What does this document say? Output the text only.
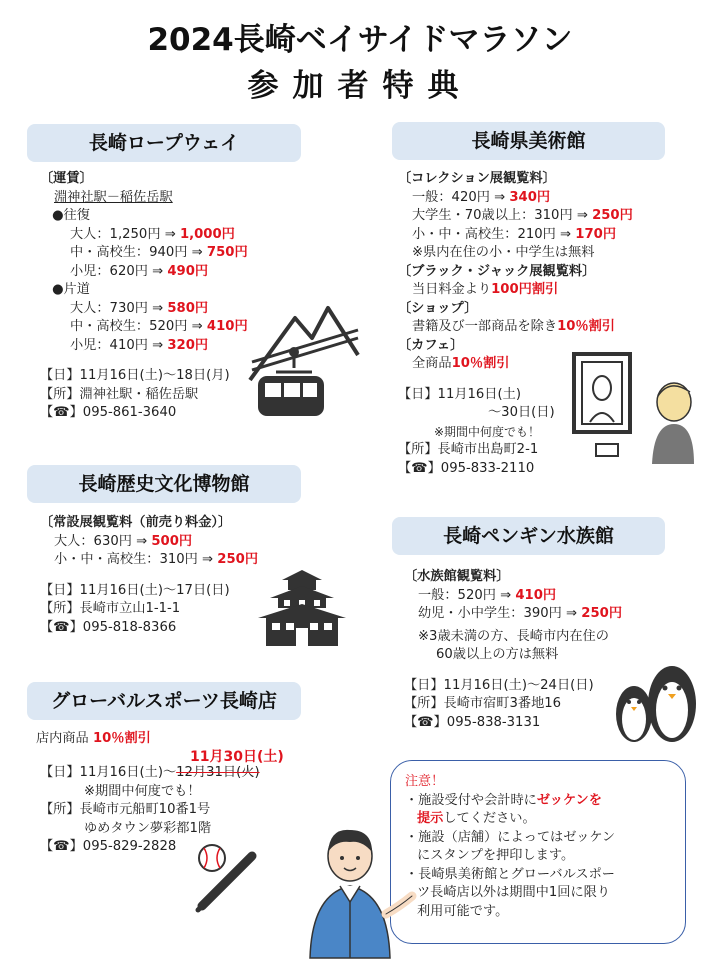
2024長崎ベイサイドマラソン
参加者特典
長崎ロープウェイ
〔運賃〕
淵神社駅－稲佐岳駅
●往復
大人：1,250円 ⇒ 1,000円
中・高校生：940円 ⇒ 750円
小児：620円 ⇒ 490円
●片道
大人：730円 ⇒ 580円
中・高校生：520円 ⇒ 410円
小児：410円 ⇒ 320円
【日】11月16日(土)～18日(月)
【所】淵神社駅・稲佐岳駅
【☎】095-861-3640
長崎歴史文化博物館
〔常設展観覧料（前売り料金）〕
大人：630円 ⇒ 500円
小・中・高校生：310円 ⇒ 250円
【日】11月16日(土)～17日(日)
【所】長崎市立山1-1-1
【☎】095-818-8366
グローバルスポーツ長崎店
店内商品 10％割引
11月30日(土)
【日】11月16日(土)～12月31日(火)
※期間中何度でも！
【所】長崎市元船町10番1号
ゆめタウン夢彩都1階
【☎】095-829-2828
長崎県美術館
〔コレクション展観覧料〕
一般：420円 ⇒ 340円
大学生・70歳以上：310円 ⇒ 250円
小・中・高校生：210円 ⇒ 170円
※県内在住の小・中学生は無料
〔ブラック・ジャック展観覧料〕
当日料金より100円割引
〔ショップ〕
書籍及び一部商品を除き10％割引
〔カフェ〕
全商品10％割引
【日】11月16日(土)
～30日(日)
※期間中何度でも！
【所】長崎市出島町2-1
【☎】095-833-2110
長崎ペンギン水族館
〔水族館観覧料〕
一般：520円 ⇒ 410円
幼児・小中学生：390円 ⇒ 250円
※3歳未満の方、長崎市内在住の
60歳以上の方は無料
【日】11月16日(土)～24日(日)
【所】長崎市宿町3番地16
【☎】095-838-3131
注意！
・施設受付や会計時にゼッケンを
提示してください。
・施設（店舗）によってはゼッケン
にスタンプを押印します。
・長崎県美術館とグローバルスポー
ツ長崎店以外は期間中1回に限り
利用可能です。
